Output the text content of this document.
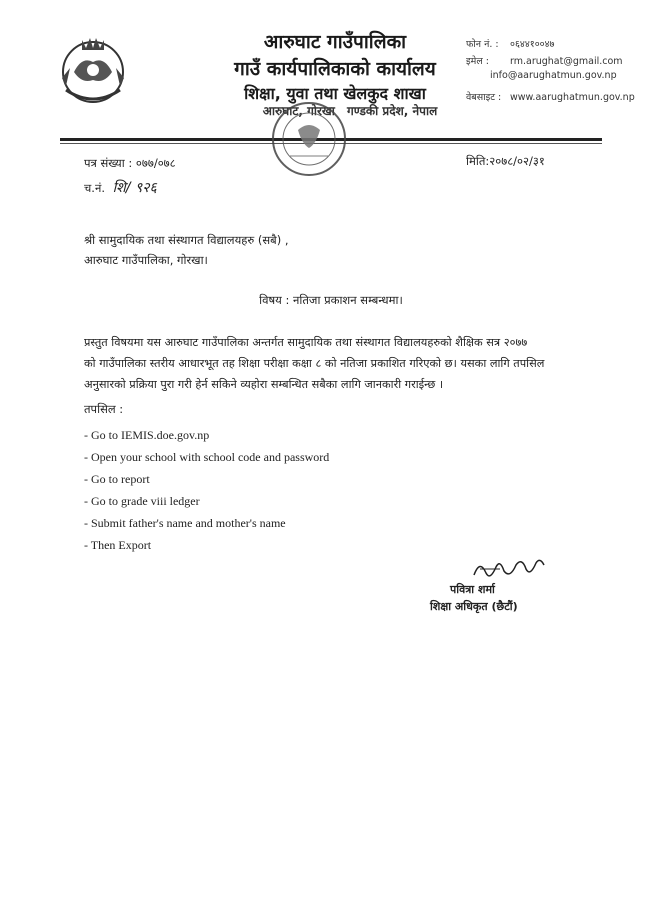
आरुघाट गाउँपालिका
गाउँ कार्यपालिकाको कार्यालय
शिक्षा, युवा तथा खेलकुद शाखा
आरुघाट, गोरखा गण्डकी प्रदेश, नेपाल
फोन नं. : ०६४४१००४७
इमेल : rm.arughat@gmail.com
info@aarughatmun.gov.np
वेबसाइट : www.aarughatmun.gov.np
पत्र संख्या : ०७७/०७८
च.नं. शि/ ९२६
मिति:२०७८/०२/३१
श्री सामुदायिक तथा संस्थागत विद्यालयहरु (सबै) ,
आरुघाट गाउँपालिका, गोरखा।
विषय : नतिजा प्रकाशन सम्बन्धमा।
प्रस्तुत विषयमा यस आरुघाट गाउँपालिका अन्तर्गत सामुदायिक तथा संस्थागत विद्यालयहरुको शैक्षिक सत्र २०७७
को गाउँपालिका स्तरीय आधारभूत तह शिक्षा परीक्षा कक्षा ८ को नतिजा प्रकाशित गरिएको छ। यसका लागि तपसिल
अनुसारको प्रक्रिया पुरा गरी हेर्न सकिने व्यहोरा सम्बन्धित सबैका लागि जानकारी गराईन्छ ।
तपसिल :
- Go to IEMIS.doe.gov.np
- Open your school with school code and password
- Go to report
- Go to grade viii ledger
- Submit father's name and mother's name
- Then Export
पवित्रा शर्मा
शिक्षा अधिकृत (छैटौं)
